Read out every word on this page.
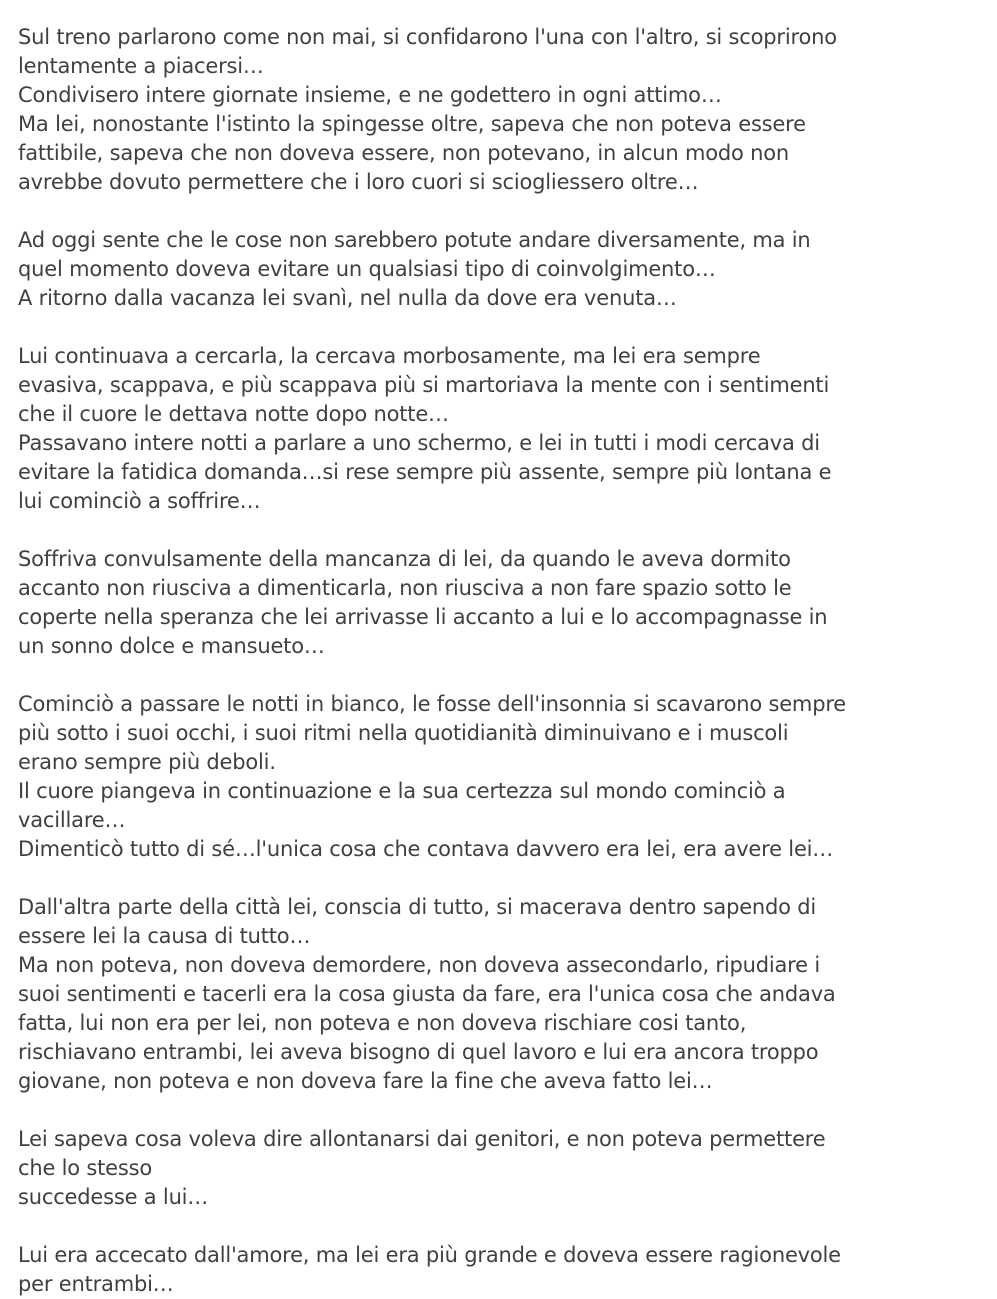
Sul treno parlarono come non mai, si confidarono l'una con l'altro, si scoprirono
lentamente a piacersi…
Condivisero intere giornate insieme, e ne godettero in ogni attimo…
Ma lei, nonostante l'istinto la spingesse oltre, sapeva che non poteva essere
fattibile, sapeva che non doveva essere, non potevano, in alcun modo non
avrebbe dovuto permettere che i loro cuori si sciogliessero oltre…
Ad oggi sente che le cose non sarebbero potute andare diversamente, ma in
quel momento doveva evitare un qualsiasi tipo di coinvolgimento…
A ritorno dalla vacanza lei svanì, nel nulla da dove era venuta…
Lui continuava a cercarla, la cercava morbosamente, ma lei era sempre
evasiva, scappava, e più scappava più si martoriava la mente con i sentimenti
che il cuore le dettava notte dopo notte…
Passavano intere notti a parlare a uno schermo, e lei in tutti i modi cercava di
evitare la fatidica domanda…si rese sempre più assente, sempre più lontana e
lui cominciò a soffrire…
Soffriva convulsamente della mancanza di lei, da quando le aveva dormito
accanto non riusciva a dimenticarla, non riusciva a non fare spazio sotto le
coperte nella speranza che lei arrivasse li accanto a lui e lo accompagnasse in
un sonno dolce e mansueto…
Cominciò a passare le notti in bianco, le fosse dell'insonnia si scavarono sempre
più sotto i suoi occhi, i suoi ritmi nella quotidianità diminuivano e i muscoli
erano sempre più deboli.
Il cuore piangeva in continuazione e la sua certezza sul mondo cominciò a
vacillare…
Dimenticò tutto di sé…l'unica cosa che contava davvero era lei, era avere lei…
Dall'altra parte della città lei, conscia di tutto, si macerava dentro sapendo di
essere lei la causa di tutto…
Ma non poteva, non doveva demordere, non doveva assecondarlo, ripudiare i
suoi sentimenti e tacerli era la cosa giusta da fare, era l'unica cosa che andava
fatta, lui non era per lei, non poteva e non doveva rischiare cosi tanto,
rischiavano entrambi, lei aveva bisogno di quel lavoro e lui era ancora troppo
giovane, non poteva e non doveva fare la fine che aveva fatto lei…
Lei sapeva cosa voleva dire allontanarsi dai genitori, e non poteva permettere
che lo stesso
succedesse a lui…
Lui era accecato dall'amore, ma lei era più grande e doveva essere ragionevole
per entrambi…
